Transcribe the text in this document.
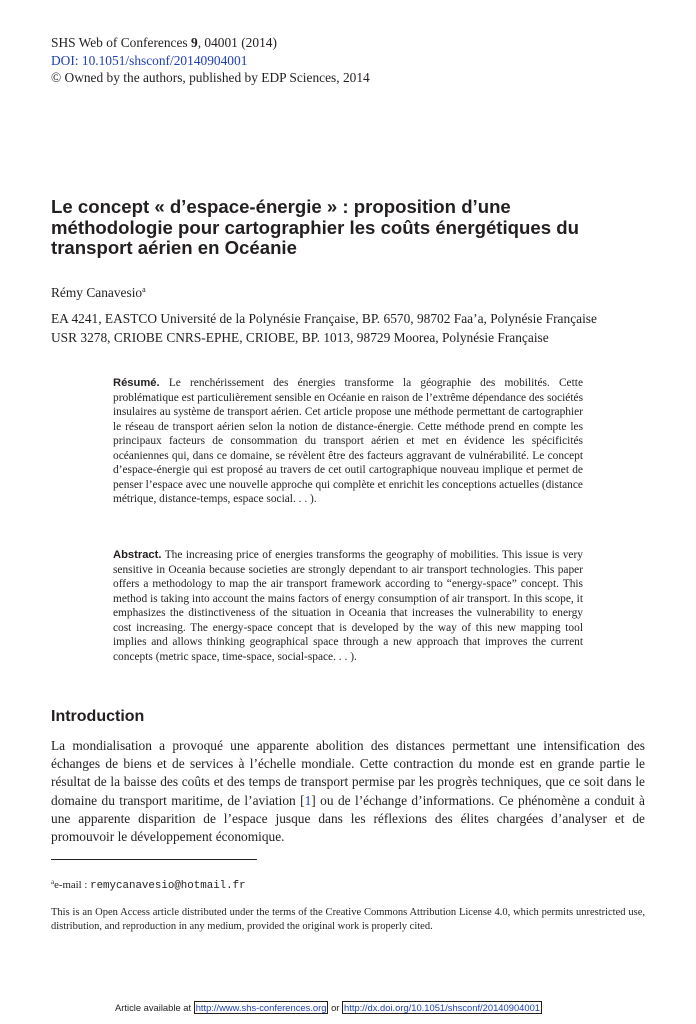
SHS Web of Conferences 9, 04001 (2014)
DOI: 10.1051/shsconf/20140904001
© Owned by the authors, published by EDP Sciences, 2014
Le concept « d’espace-énergie » : proposition d’une
méthodologie pour cartographier les coûts énergétiques du
transport aérien en Océanie
Rémy Canavesio$^a$
EA 4241, EASTCO Université de la Polynésie Française, BP. 6570, 98702 Faa’a, Polynésie Française
USR 3278, CRIOBE CNRS-EPHE, CRIOBE, BP. 1013, 98729 Moorea, Polynésie Française
Résumé. Le renchérissement des énergies transforme la géographie des mobilités. Cette problématique est particulièrement sensible en Océanie en raison de l’extrême dépendance des sociétés insulaires au système de transport aérien. Cet article propose une méthode permettant de cartographier le réseau de transport aérien selon la notion de distance-énergie. Cette méthode prend en compte les principaux facteurs de consommation du transport aérien et met en évidence les spécificités océaniennes qui, dans ce domaine, se révèlent être des facteurs aggravant de vulnérabilité. Le concept d’espace-énergie qui est proposé au travers de cet outil cartographique nouveau implique et permet de penser l’espace avec une nouvelle approche qui complète et enrichit les conceptions actuelles (distance métrique, distance-temps, espace social. . . ).
Abstract. The increasing price of energies transforms the geography of mobilities. This issue is very sensitive in Oceania because societies are strongly dependant to air transport technologies. This paper offers a methodology to map the air transport framework according to “energy-space” concept. This method is taking into account the mains factors of energy consumption of air transport. In this scope, it emphasizes the distinctiveness of the situation in Oceania that increases the vulnerability to energy cost increasing. The energy-space concept that is developed by the way of this new mapping tool implies and allows thinking geographical space through a new approach that improves the current concepts (metric space, time-space, social-space. . . ).
Introduction
La mondialisation a provoqué une apparente abolition des distances permettant une intensification des échanges de biens et de services à l’échelle mondiale. Cette contraction du monde est en grande partie le résultat de la baisse des coûts et des temps de transport permise par les progrès techniques, que ce soit dans le domaine du transport maritime, de l’aviation [1] ou de l’échange d’informations. Ce phénomène a conduit à une apparente disparition de l’espace jusque dans les réflexions des élites chargées d’analyser et de promouvoir le développement économique.
$^a$e-mail : remycanavesio@hotmail.fr
This is an Open Access article distributed under the terms of the Creative Commons Attribution License 4.0, which permits unrestricted use, distribution, and reproduction in any medium, provided the original work is properly cited.
Article available at http://www.shs-conferences.org or http://dx.doi.org/10.1051/shsconf/20140904001
